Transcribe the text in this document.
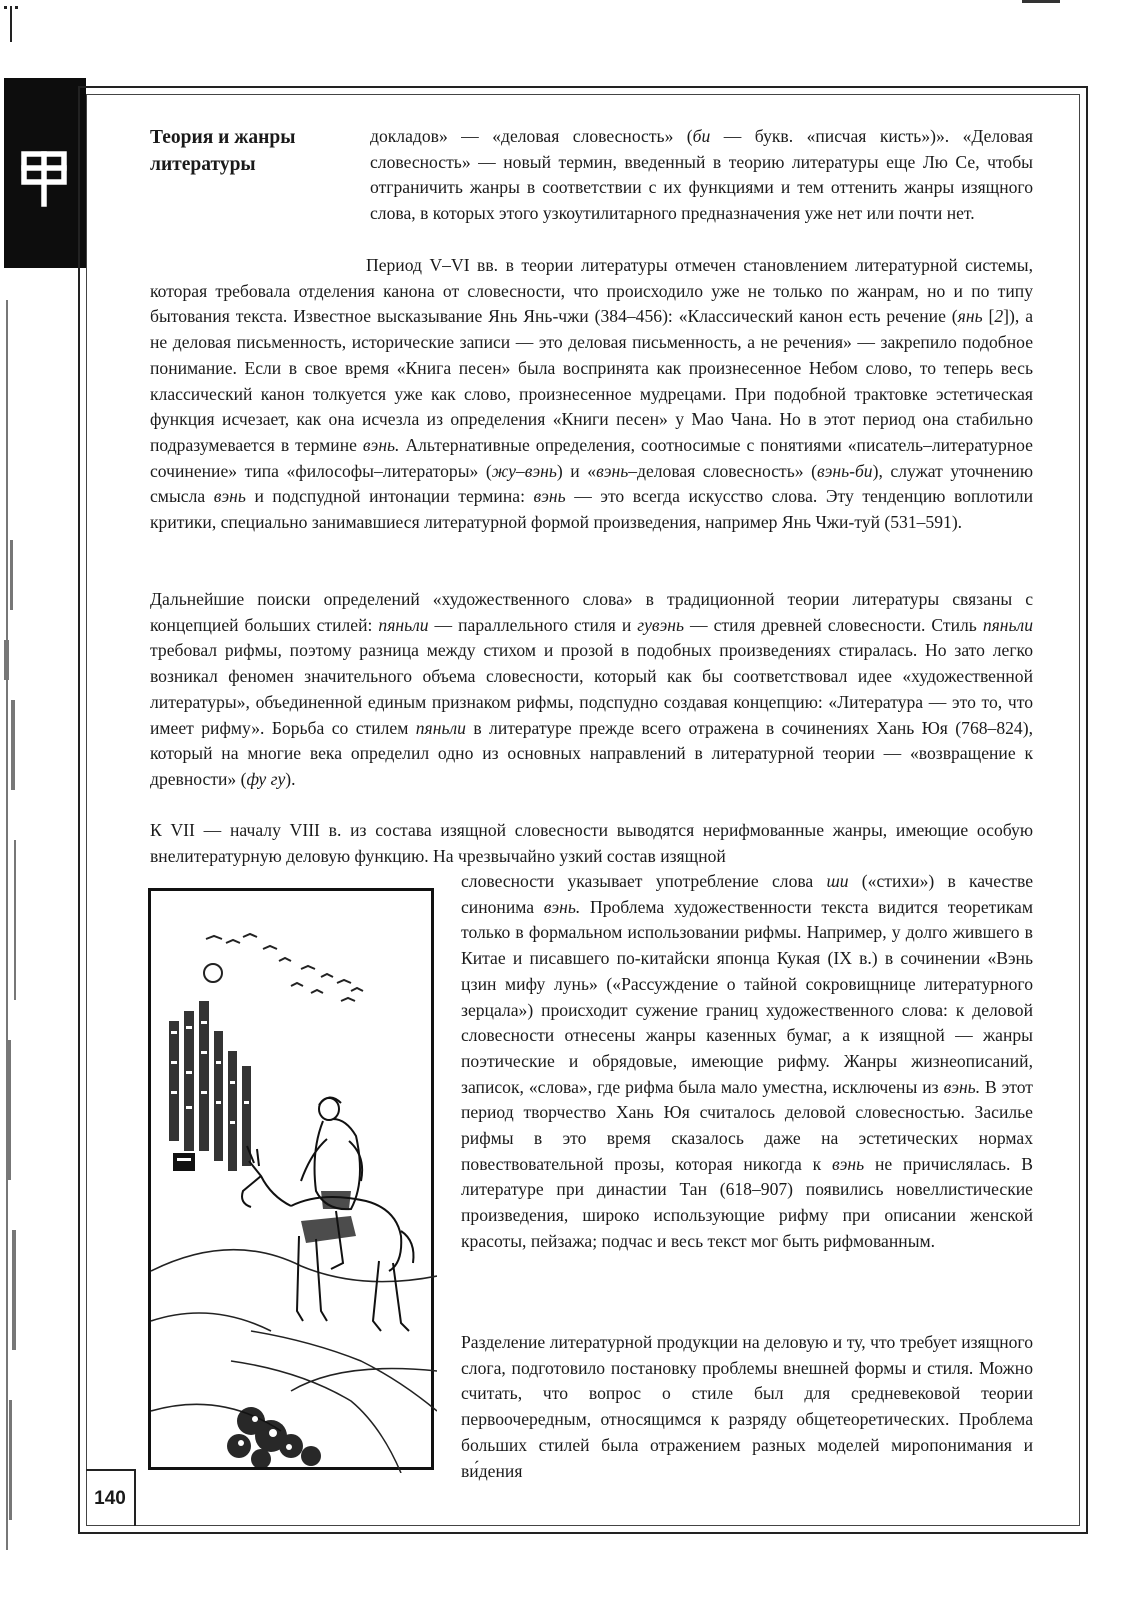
Теория и жанры литературы

докладов» — «деловая словесность» (би — букв. «писчая кисть»)». «Деловая словесность» — новый термин, введенный в теорию литературы еще Лю Се, чтобы отграничить жанры в соответствии с их функциями и тем оттенить жанры изящного слова, в которых этого узкоутилитарного предназначения уже нет или почти нет.

Период V–VI вв. в теории литературы отмечен становлением литературной системы, которая требовала отделения канона от словесности, что происходило уже не только по жанрам, но и по типу бытования текста. Известное высказывание Янь Янь-чжи (384–456): «Классический канон есть речение (янь [2]), а не деловая письменность, исторические записи — это деловая письменность, а не речения» — закрепило подобное понимание. Если в свое время «Книга песен» была воспринята как произнесенное Небом слово, то теперь весь классический канон толкуется уже как слово, произнесенное мудрецами. При подобной трактовке эстетическая функция исчезает, как она исчезла из определения «Книги песен» у Мао Чана. Но в этот период она стабильно подразумевается в термине вэнь. Альтернативные определения, соотносимые с понятиями «писатель–литературное сочинение» типа «философы–литераторы» (жу–вэнь) и «вэнь–деловая словесность» (вэнь-би), служат уточнению смысла вэнь и подспудной интонации термина: вэнь — это всегда искусство слова. Эту тенденцию воплотили критики, специально занимавшиеся литературной формой произведения, например Янь Чжи-туй (531–591).

Дальнейшие поиски определений «художественного слова» в традиционной теории литературы связаны с концепцией больших стилей: пяньли — параллельного стиля и гувэнь — стиля древней словесности. Стиль пяньли требовал рифмы, поэтому разница между стихом и прозой в подобных произведениях стиралась. Но зато легко возникал феномен значительного объема словесности, который как бы соответствовал идее «художественной литературы», объединенной единым признаком рифмы, подспудно создавая концепцию: «Литература — это то, что имеет рифму». Борьба со стилем пяньли в литературе прежде всего отражена в сочинениях Хань Юя (768–824), который на многие века определил одно из основных направлений в литературной теории — «возвращение к древности» (фу гу).

К VII — началу VIII в. из состава изящной словесности выводятся нерифмованные жанры, имеющие особую внелитературную деловую функцию. На чрезвычайно узкий состав изящной

словесности указывает употребление слова ши («стихи») в качестве синонима вэнь. Проблема художественности текста видится теоретикам только в формальном использовании рифмы. Например, у долго жившего в Китае и писавшего по-китайски японца Кукая (IX в.) в сочинении «Вэнь цзин мифу лунь» («Рассуждение о тайной сокровищнице литературного зерцала») происходит сужение границ художественного слова: к деловой словесности отнесены жанры казенных бумаг, а к изящной — жанры поэтические и обрядовые, имеющие рифму. Жанры жизнеописаний, записок, «слова», где рифма была мало уместна, исключены из вэнь. В этот период творчество Хань Юя считалось деловой словесностью. Засилье рифмы в это время сказалось даже на эстетических нормах повествовательной прозы, которая никогда к вэнь не причислялась. В литературе при династии Тан (618–907) появились новеллистические произведения, широко использующие рифму при описании женской красоты, пейзажа; подчас и весь текст мог быть рифмованным.

Разделение литературной продукции на деловую и ту, что требует изящного слога, подготовило постановку проблемы внешней формы и стиля. Можно считать, что вопрос о стиле был для средневековой теории первоочередным, относящимся к разряду общетеоретических. Проблема больших стилей была отражением разных моделей миропонимания и ви́дения

140
